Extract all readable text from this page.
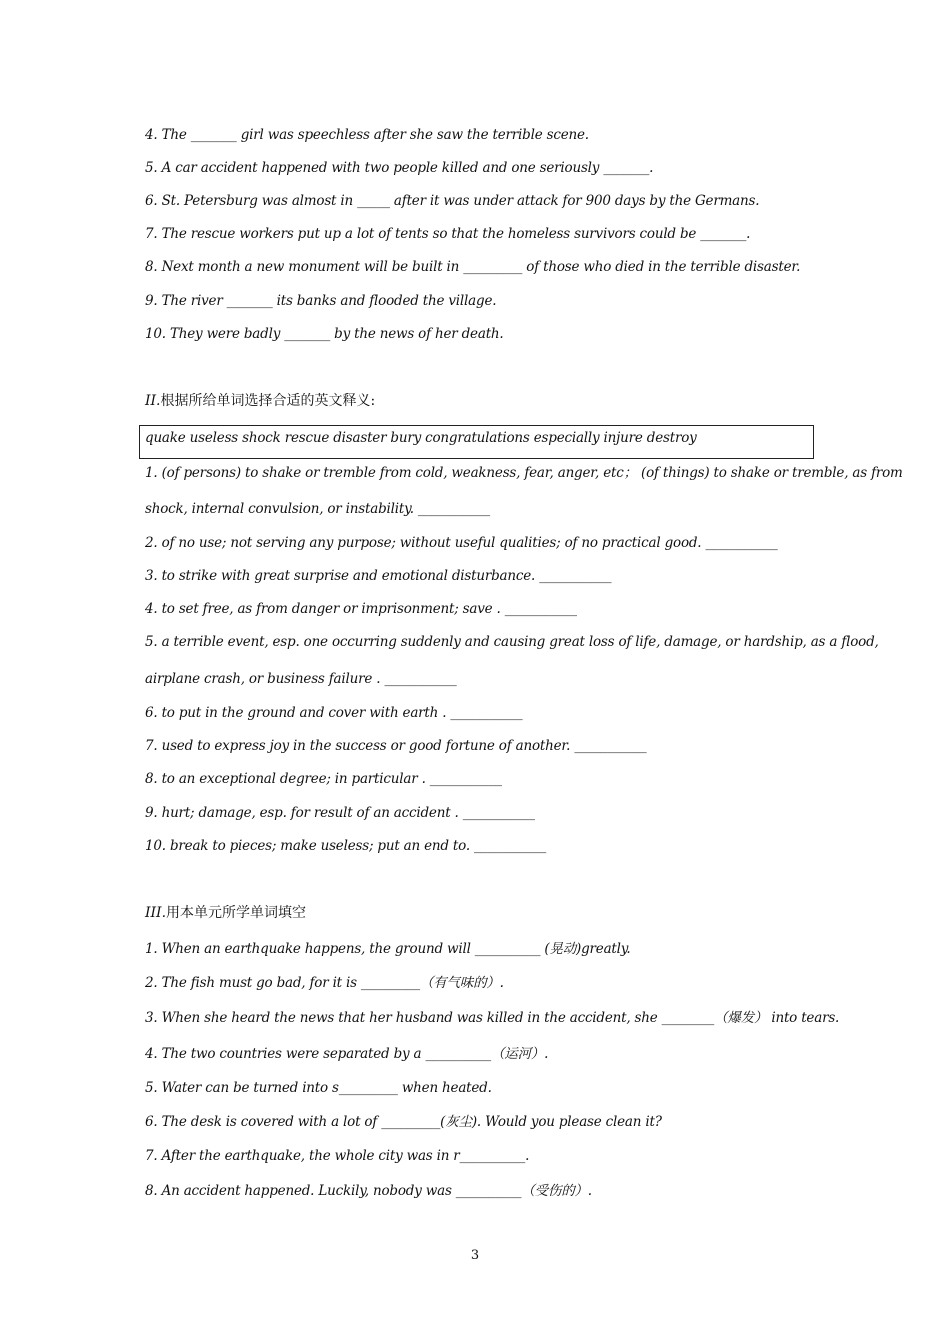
4. The _______ girl was speechless after she saw the terrible scene.
5. A car accident happened with two people killed and one seriously _______.
6. St. Petersburg was almost in _____ after it was under attack for 900 days by the Germans.
7. The rescue workers put up a lot of tents so that the homeless survivors could be _______.
8. Next month a new monument will be built in _________ of those who died in the terrible disaster.
9. The river _______ its banks and flooded the village.
10. They were badly _______ by the news of her death.
II.根据所给单词选择合适的英文释义:
quake useless shock rescue disaster bury congratulations especially injure destroy
1. (of persons) to shake or tremble from cold, weakness, fear, anger, etc； (of things) to shake or tremble, as from
shock, internal convulsion, or instability. ___________
2. of no use; not serving any purpose; without useful qualities; of no practical good. ___________
3. to strike with great surprise and emotional disturbance. ___________
4. to set free, as from danger or imprisonment; save . ___________
5. a terrible event, esp. one occurring suddenly and causing great loss of life, damage, or hardship, as a flood,
airplane crash, or business failure . ___________
6. to put in the ground and cover with earth . ___________
7. used to express joy in the success or good fortune of another. ___________
8. to an exceptional degree; in particular . ___________
9. hurt; damage, esp. for result of an accident . ___________
10. break to pieces; make useless; put an end to. ___________
III.用本单元所学单词填空
1. When an earthquake happens, the ground will __________ (晃动)greatly.
2. The fish must go bad, for it is _________（有气味的）.
3. When she heard the news that her husband was killed in the accident, she ________（爆发） into tears.
4. The two countries were separated by a __________（运河）.
5. Water can be turned into s_________ when heated.
6. The desk is covered with a lot of _________(灰尘). Would you please clean it?
7. After the earthquake, the whole city was in r__________.
8. An accident happened. Luckily, nobody was __________（受伤的）.
3
